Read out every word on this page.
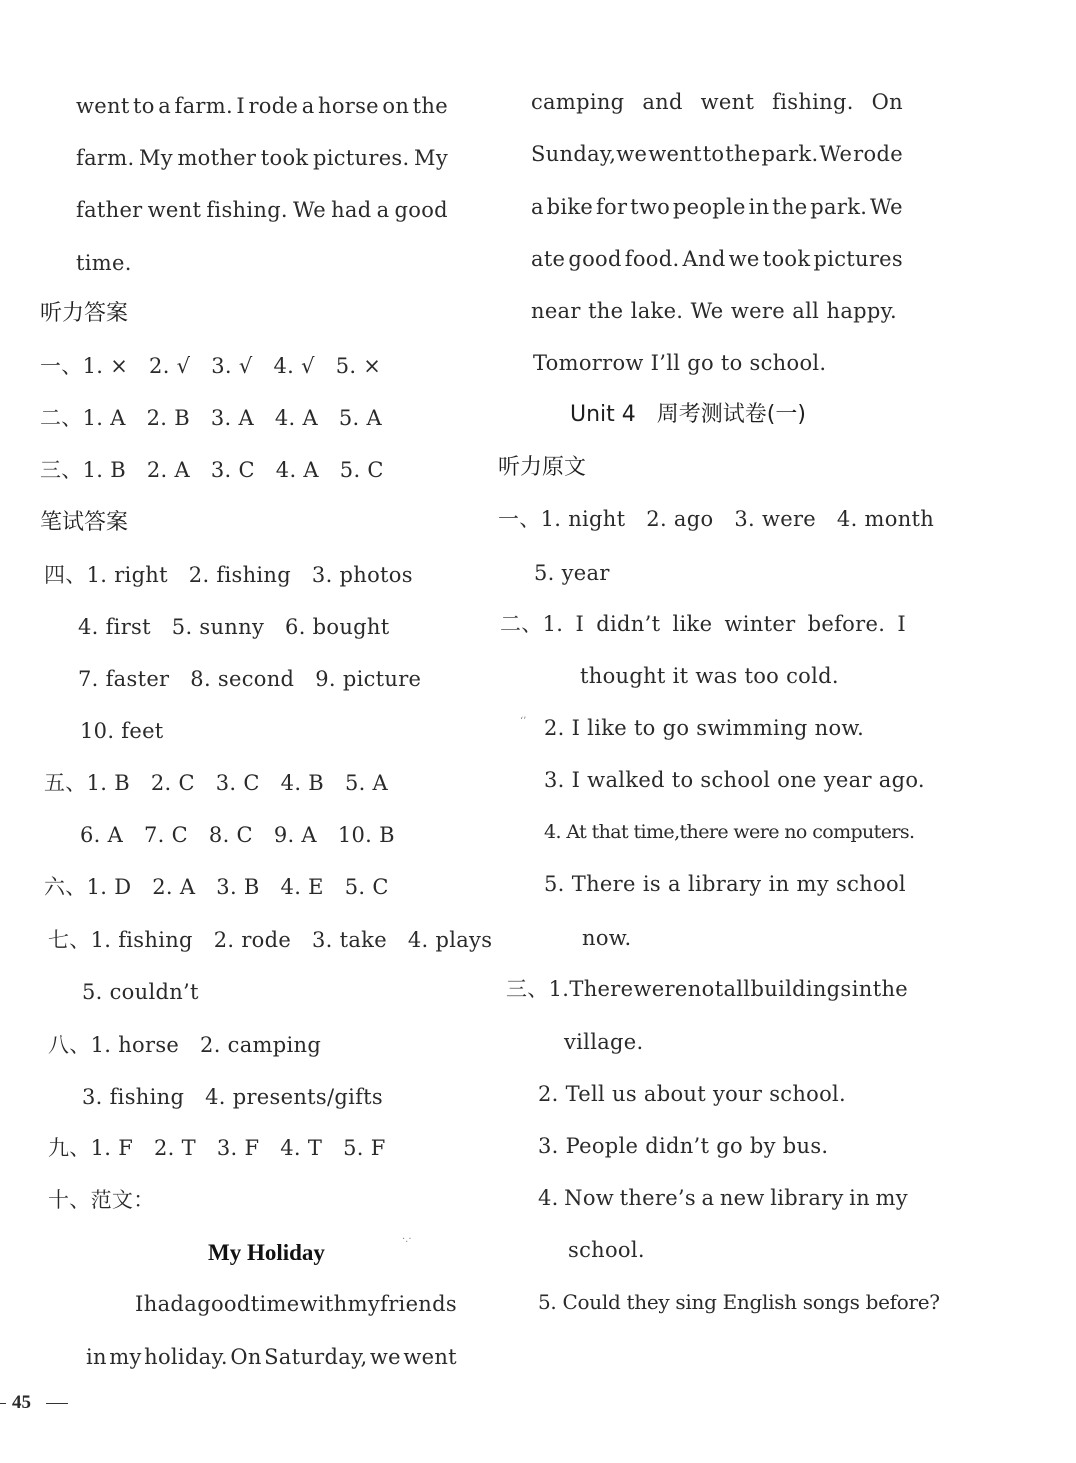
went to a farm. I rode a horse on the
farm. My mother took pictures. My
father went fishing. We had a good
time.
听力答案
一、1. ×   2. √   3. √   4. √   5. ×
二、1. A   2. B   3. A   4. A   5. A
三、1. B   2. A   3. C   4. A   5. C
笔试答案
四、1. right   2. fishing   3. photos
4. first   5. sunny   6. bought
7. faster   8. second   9. picture
10. feet
五、1. B   2. C   3. C   4. B   5. A
6. A   7. C   8. C   9. A   10. B
六、1. D   2. A   3. B   4. E   5. C
七、1. fishing   2. rode   3. take   4. plays
5. couldn’t
八、1. horse   2. camping
3. fishing   4. presents/gifts
九、1. F   2. T   3. F   4. T   5. F
十、范文：
My Holiday
·.·
I had a good time with my friends
in my holiday. On Saturday, we went
camping and went fishing. On
Sunday,we went to the park. We rode
a bike for two people in the park. We
ate good food. And we took pictures
near the lake. We were all happy.
Tomorrow I’ll go to school.
Unit 4   周考测试卷(一)
听力原文
一、1. night   2. ago   3. were   4. month
5. year
二、1. I didn’t like winter before. I
thought it was too cold.
‘’ 2. I like to go swimming now.
3. I walked to school one year ago.
4. At that time,there were no computers.
5. There is a library in my school
now.
三、1. There were no tall buildings in the
village.
2. Tell us about your school.
3. People didn’t go by bus.
4. Now there’s a new library in my
school.
5. Could they sing English songs before?
45
